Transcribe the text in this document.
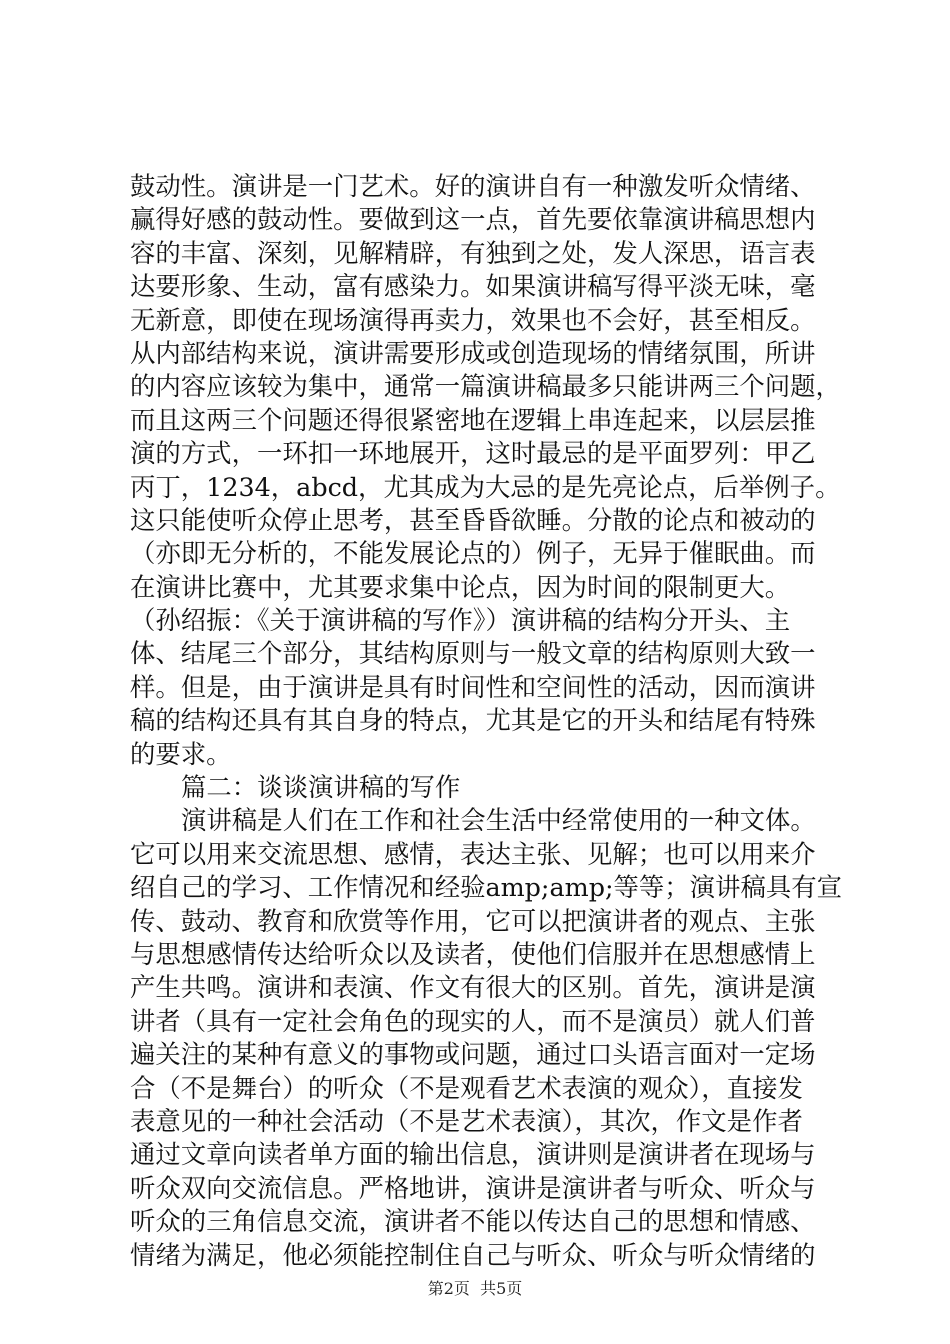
鼓动性。演讲是一门艺术。好的演讲自有一种激发听众情绪、
赢得好感的鼓动性。要做到这一点，首先要依靠演讲稿思想内
容的丰富、深刻，见解精辟，有独到之处，发人深思，语言表
达要形象、生动，富有感染力。如果演讲稿写得平淡无味，毫
无新意，即使在现场演得再卖力，效果也不会好，甚至相反。
从内部结构来说，演讲需要形成或创造现场的情绪氛围，所讲
的内容应该较为集中，通常一篇演讲稿最多只能讲两三个问题，
而且这两三个问题还得很紧密地在逻辑上串连起来，以层层推
演的方式，一环扣一环地展开，这时最忌的是平面罗列：甲乙
丙丁，1234，abcd，尤其成为大忌的是先亮论点，后举例子。
这只能使听众停止思考，甚至昏昏欲睡。分散的论点和被动的
（亦即无分析的，不能发展论点的）例子，无异于催眠曲。而
在演讲比赛中，尤其要求集中论点，因为时间的限制更大。
（孙绍振：《关于演讲稿的写作》）演讲稿的结构分开头、主
体、结尾三个部分，其结构原则与一般文章的结构原则大致一
样。但是，由于演讲是具有时间性和空间性的活动，因而演讲
稿的结构还具有其自身的特点，尤其是它的开头和结尾有特殊
的要求。
篇二：谈谈演讲稿的写作
演讲稿是人们在工作和社会生活中经常使用的一种文体。
它可以用来交流思想、感情，表达主张、见解；也可以用来介
绍自己的学习、工作情况和经验amp;amp;等等；演讲稿具有宣
传、鼓动、教育和欣赏等作用，它可以把演讲者的观点、主张
与思想感情传达给听众以及读者，使他们信服并在思想感情上
产生共鸣。演讲和表演、作文有很大的区别。首先，演讲是演
讲者（具有一定社会角色的现实的人，而不是演员）就人们普
遍关注的某种有意义的事物或问题，通过口头语言面对一定场
合（不是舞台）的听众（不是观看艺术表演的观众），直接发
表意见的一种社会活动（不是艺术表演），其次，作文是作者
通过文章向读者单方面的输出信息，演讲则是演讲者在现场与
听众双向交流信息。严格地讲，演讲是演讲者与听众、听众与
听众的三角信息交流，演讲者不能以传达自己的思想和情感、
情绪为满足，他必须能控制住自己与听众、听众与听众情绪的
第2页 共5页
